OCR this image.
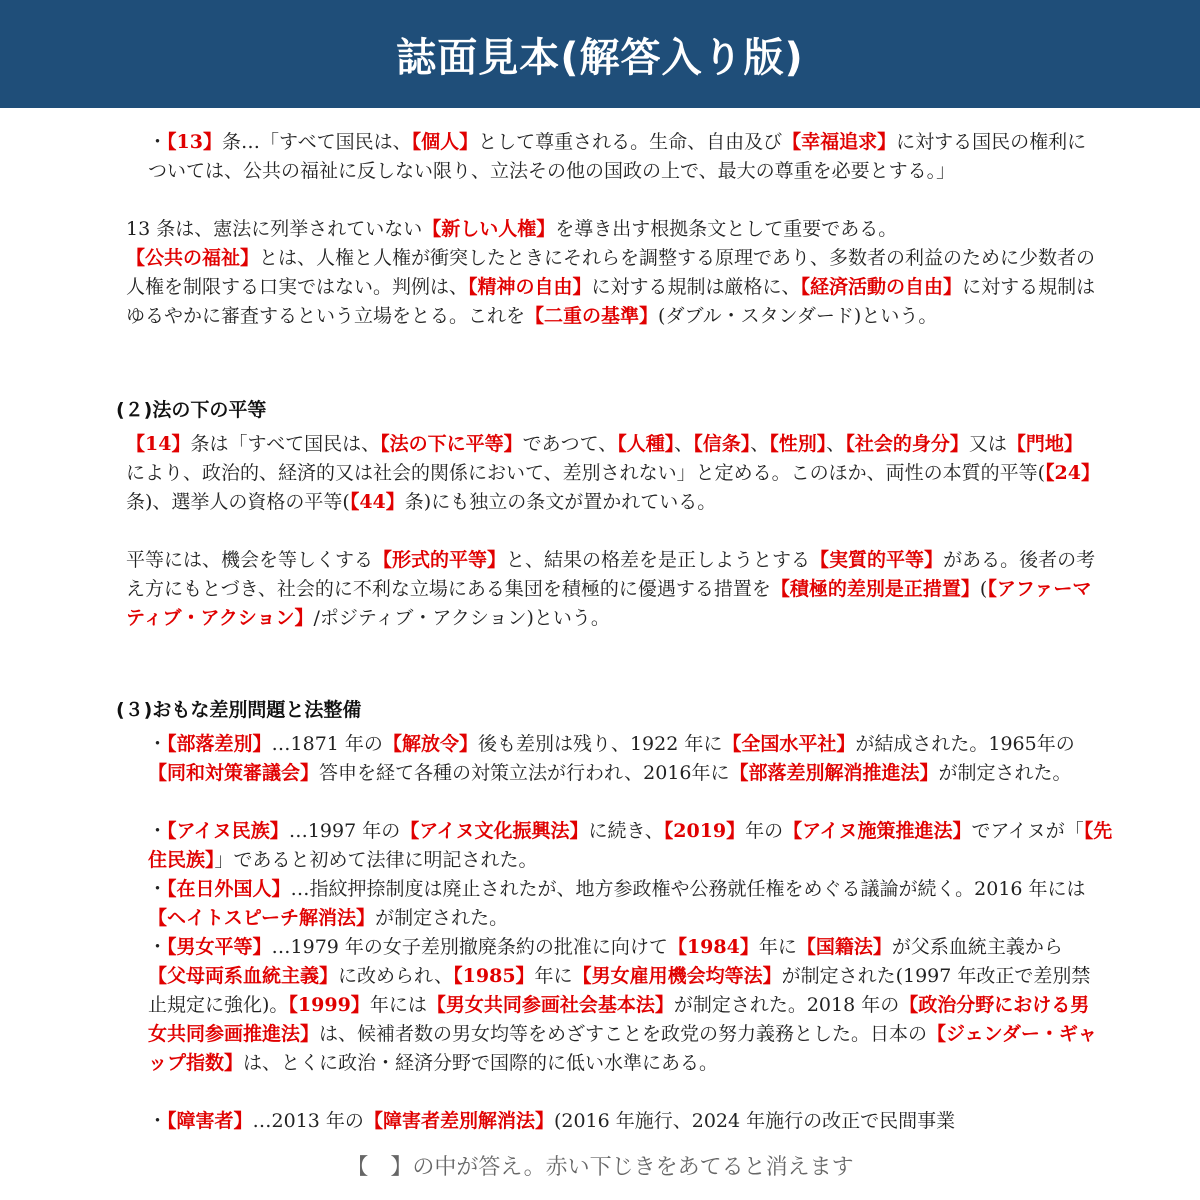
誌面見本(解答入り版)
・【13】条…「すべて国民は、【個人】として尊重される。生命、自由及び【幸福追求】に対する国民の権利については、公共の福祉に反しない限り、立法その他の国政の上で、最大の尊重を必要とする。」
13 条は、憲法に列挙されていない【新しい人権】を導き出す根拠条文として重要である。
【公共の福祉】とは、人権と人権が衝突したときにそれらを調整する原理であり、多数者の利益のために少数者の人権を制限する口実ではない。判例は、【精神の自由】に対する規制は厳格に、【経済活動の自由】に対する規制はゆるやかに審査するという立場をとる。これを【二重の基準】(ダブル・スタンダード)という。
(２)法の下の平等
【14】条は「すべて国民は、【法の下に平等】であつて、【人種】、【信条】、【性別】、【社会的身分】又は【門地】により、政治的、経済的又は社会的関係において、差別されない」と定める。このほか、両性の本質的平等(【24】条)、選挙人の資格の平等(【44】条)にも独立の条文が置かれている。
平等には、機会を等しくする【形式的平等】と、結果の格差を是正しようとする【実質的平等】がある。後者の考え方にもとづき、社会的に不利な立場にある集団を積極的に優遇する措置を【積極的差別是正措置】(【アファーマティブ・アクション】/ポジティブ・アクション)という。
(３)おもな差別問題と法整備
・【部落差別】…1871 年の【解放令】後も差別は残り、1922 年に【全国水平社】が結成された。1965年の【同和対策審議会】答申を経て各種の対策立法が行われ、2016年に【部落差別解消推進法】が制定された。
・【アイヌ民族】…1997 年の【アイヌ文化振興法】に続き、【2019】年の【アイヌ施策推進法】でアイヌが「【先住民族】」であると初めて法律に明記された。
・【在日外国人】…指紋押捺制度は廃止されたが、地方参政権や公務就任権をめぐる議論が続く。2016 年には【ヘイトスピーチ解消法】が制定された。
・【男女平等】…1979 年の女子差別撤廃条約の批准に向けて【1984】年に【国籍法】が父系血統主義から【父母両系血統主義】に改められ、【1985】年に【男女雇用機会均等法】が制定された(1997 年改正で差別禁止規定に強化)。【1999】年には【男女共同参画社会基本法】が制定された。2018 年の【政治分野における男女共同参画推進法】は、候補者数の男女均等をめざすことを政党の努力義務とした。日本の【ジェンダー・ギャップ指数】は、とくに政治・経済分野で国際的に低い水準にある。
・【障害者】…2013 年の【障害者差別解消法】(2016 年施行、2024 年施行の改正で民間事業
【　】の中が答え。赤い下じきをあてると消えます
